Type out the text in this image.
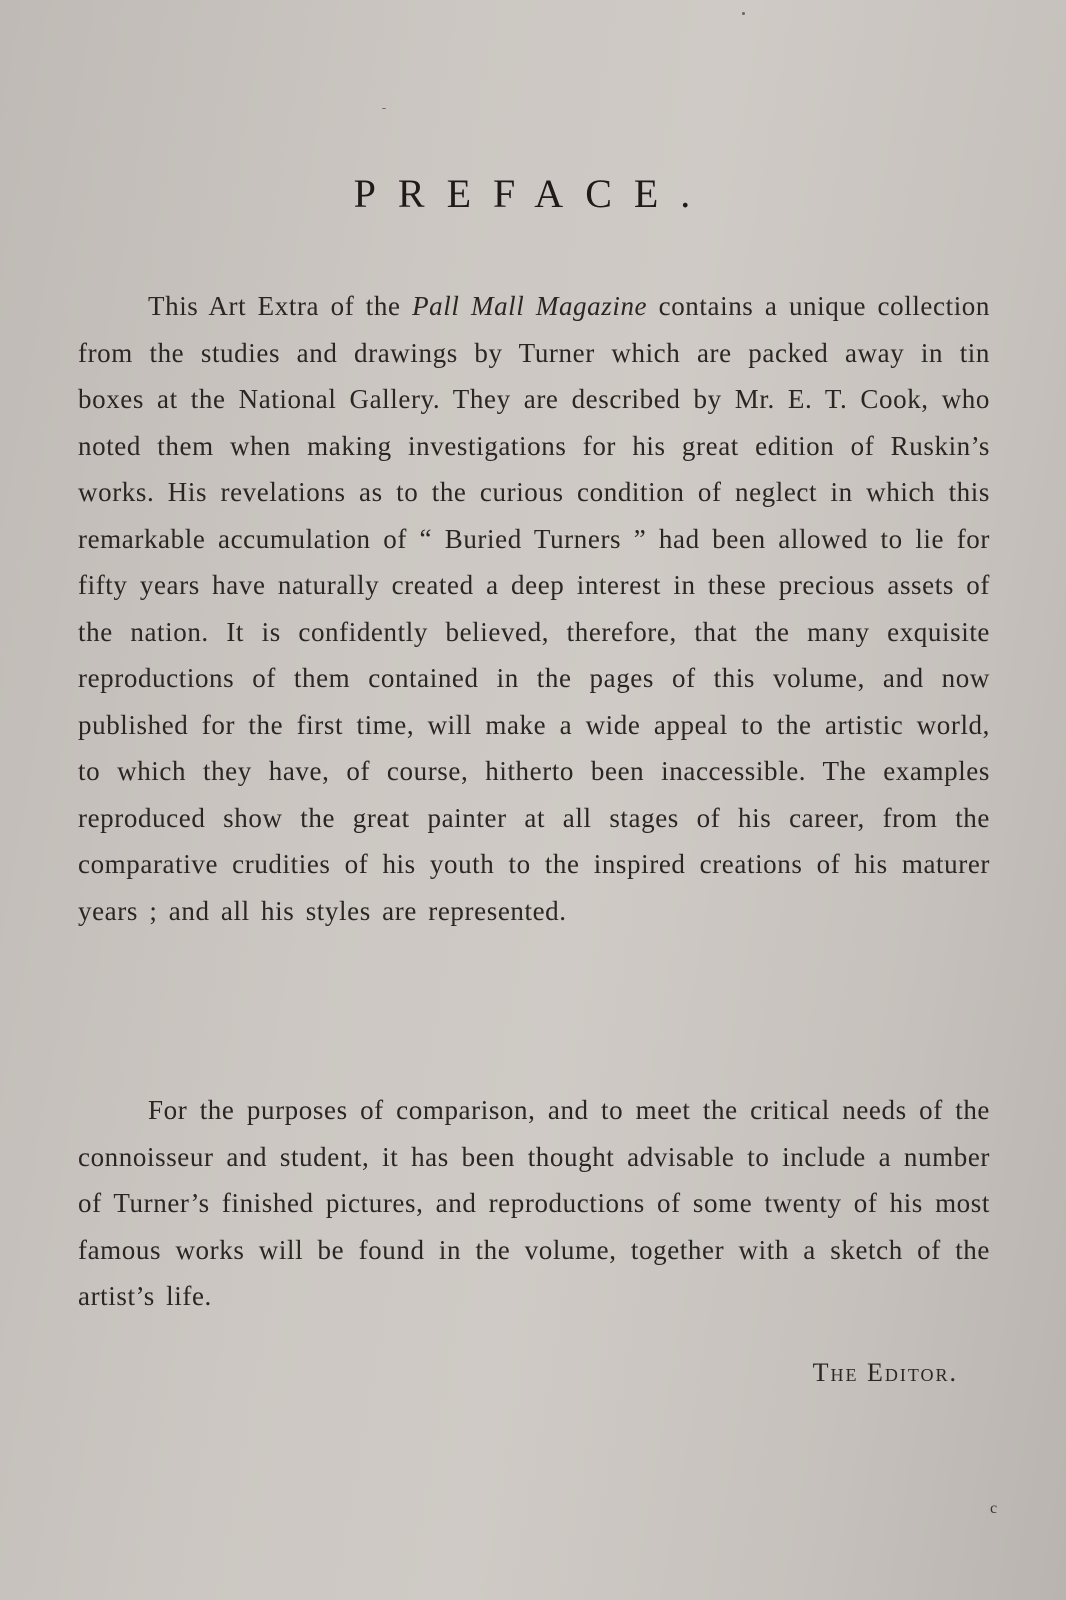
PREFACE.

This Art Extra of the Pall Mall Magazine contains a unique collection from the studies and drawings by Turner which are packed away in tin boxes at the National Gallery. They are described by Mr. E. T. Cook, who noted them when making investigations for his great edition of Ruskin’s works. His revelations as to the curious condition of neglect in which this remarkable accumulation of “ Buried Turners ” had been allowed to lie for fifty years have naturally created a deep interest in these precious assets of the nation. It is confidently believed, therefore, that the many exquisite reproductions of them contained in the pages of this volume, and now published for the first time, will make a wide appeal to the artistic world, to which they have, of course, hitherto been inaccessible. The examples reproduced show the great painter at all stages of his career, from the comparative crudities of his youth to the inspired creations of his maturer years ; and all his styles are represented.

For the purposes of comparison, and to meet the critical needs of the connoisseur and student, it has been thought advisable to include a number of Turner’s finished pictures, and reproductions of some twenty of his most famous works will be found in the volume, together with a sketch of the artist’s life.

The Editor.

c
